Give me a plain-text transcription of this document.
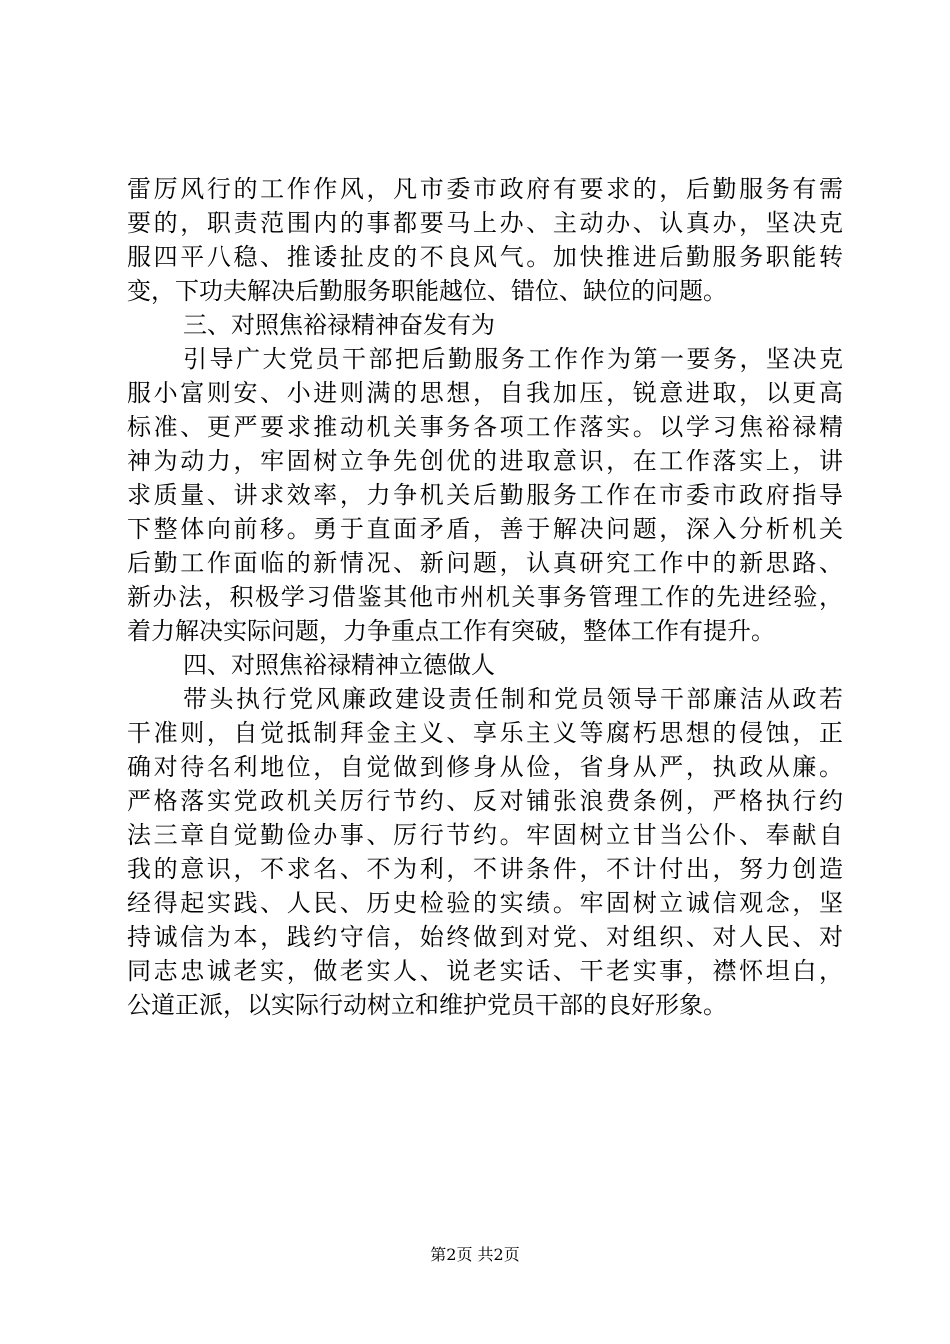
雷厉风行的工作作风，凡市委市政府有要求的，后勤服务有需
要的，职责范围内的事都要马上办、主动办、认真办，坚决克
服四平八稳、推诿扯皮的不良风气。加快推进后勤服务职能转
变，下功夫解决后勤服务职能越位、错位、缺位的问题。
三、对照焦裕禄精神奋发有为
引导广大党员干部把后勤服务工作作为第一要务，坚决克
服小富则安、小进则满的思想，自我加压，锐意进取，以更高
标准、更严要求推动机关事务各项工作落实。以学习焦裕禄精
神为动力，牢固树立争先创优的进取意识，在工作落实上，讲
求质量、讲求效率，力争机关后勤服务工作在市委市政府指导
下整体向前移。勇于直面矛盾，善于解决问题，深入分析机关
后勤工作面临的新情况、新问题，认真研究工作中的新思路、
新办法，积极学习借鉴其他市州机关事务管理工作的先进经验，
着力解决实际问题，力争重点工作有突破，整体工作有提升。
四、对照焦裕禄精神立德做人
带头执行党风廉政建设责任制和党员领导干部廉洁从政若
干准则，自觉抵制拜金主义、享乐主义等腐朽思想的侵蚀，正
确对待名利地位，自觉做到修身从俭，省身从严，执政从廉。
严格落实党政机关厉行节约、反对铺张浪费条例，严格执行约
法三章自觉勤俭办事、厉行节约。牢固树立甘当公仆、奉献自
我的意识，不求名、不为利，不讲条件，不计付出，努力创造
经得起实践、人民、历史检验的实绩。牢固树立诚信观念，坚
持诚信为本，践约守信，始终做到对党、对组织、对人民、对
同志忠诚老实，做老实人、说老实话、干老实事，襟怀坦白，
公道正派，以实际行动树立和维护党员干部的良好形象。
第2页 共2页
